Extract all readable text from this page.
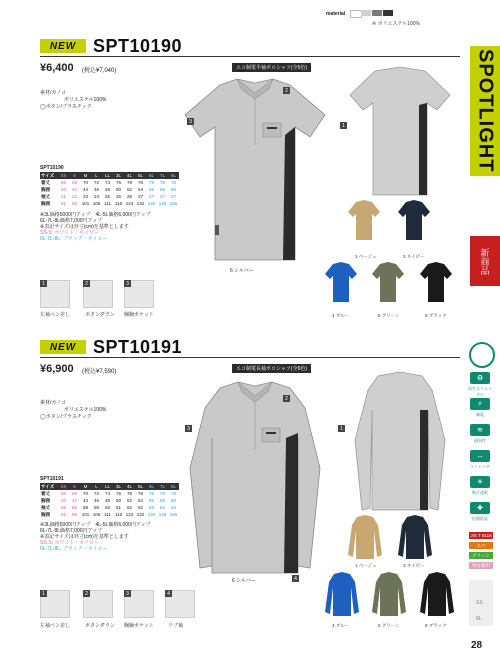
material
※ ポリエステル100%
SPOTLIGHT
新商品
NEW SPT10190
¥6,400 (税込¥7,040)	エコ制電半袖ポロシャツ(全5色)
素材/カノコ
ポリエステル100%
◯ボタン/プラスチック
3
2
1
6 シルバー
SPT10190
サイズ	SS	S	M	L	LL	3L	4L	5L	6L	7L	8L
着丈	66	69	70	72	74	76	78	78	78	78	78
胸囲	40	42	44	46	48	50	52	54	56	58	60
袖丈	21	22	23	24	25	26	26	27	27	27	27
胸囲	91	96	101	106	111	116	124	132	140	148	156
※3L価格5000円アップ　4L-5L価格6,000円アップ
6L-7L-8L価格7,000円アップ
※表記サイズは外寸(cm)を基準とします
SS-S: ホワイト・ネイビー
6L-7L-8L: ブラック・ネイビー
1	2	3
左袖ペン差し	ボタンダウン 胸胸ポケット
1 ベージュ	3 ネイビー
4 ブルー	5 グリーン	9 ブラック
NEW SPT10191
¥6,900 (税込¥7,590)	エコ制電長袖ポロシャツ(全6色)
素材/カノコ
ポリエステル100%
◯ボタン/プラスチック
3
2
1
4
6 シルバー
SPT10191
サイズ	SS	S	M	L	LL	3L	4L	5L	6L	7L	8L
着丈	66	69	70	72	74	76	78	78	78	78	78
胸囲	40	42	44	46	48	50	52	54	56	58	60
袖丈	55	56	58	59	60	61	62	62	63	63	64
胸囲	91	96	101	106	111	116	124	132	140	148	156
※3L価格5000円アップ　4L-5L価格6,000円アップ
6L-7L-8L価格7,000円アップ
※表記サイズは外寸(cm)を基準とします
SS-S: ホワイト・ネイビー
6L-7L-8L: ブラック・ネイビー
1	2	3	4
左袖ペン差し	ボタンダウン 胸胸ポケット	リブ袖
1 ベージュ	3 ネイビー
4 ブルー	5 グリーン	9 ブラック
♻
再生ポリエステル
⚡
制電
≋
通気性
↔
ストレッチ
☀
吸汗速乾
✚
抗菌防臭
JIS T 8118
エコ
グリーン
男女兼用
SS
8L
28
